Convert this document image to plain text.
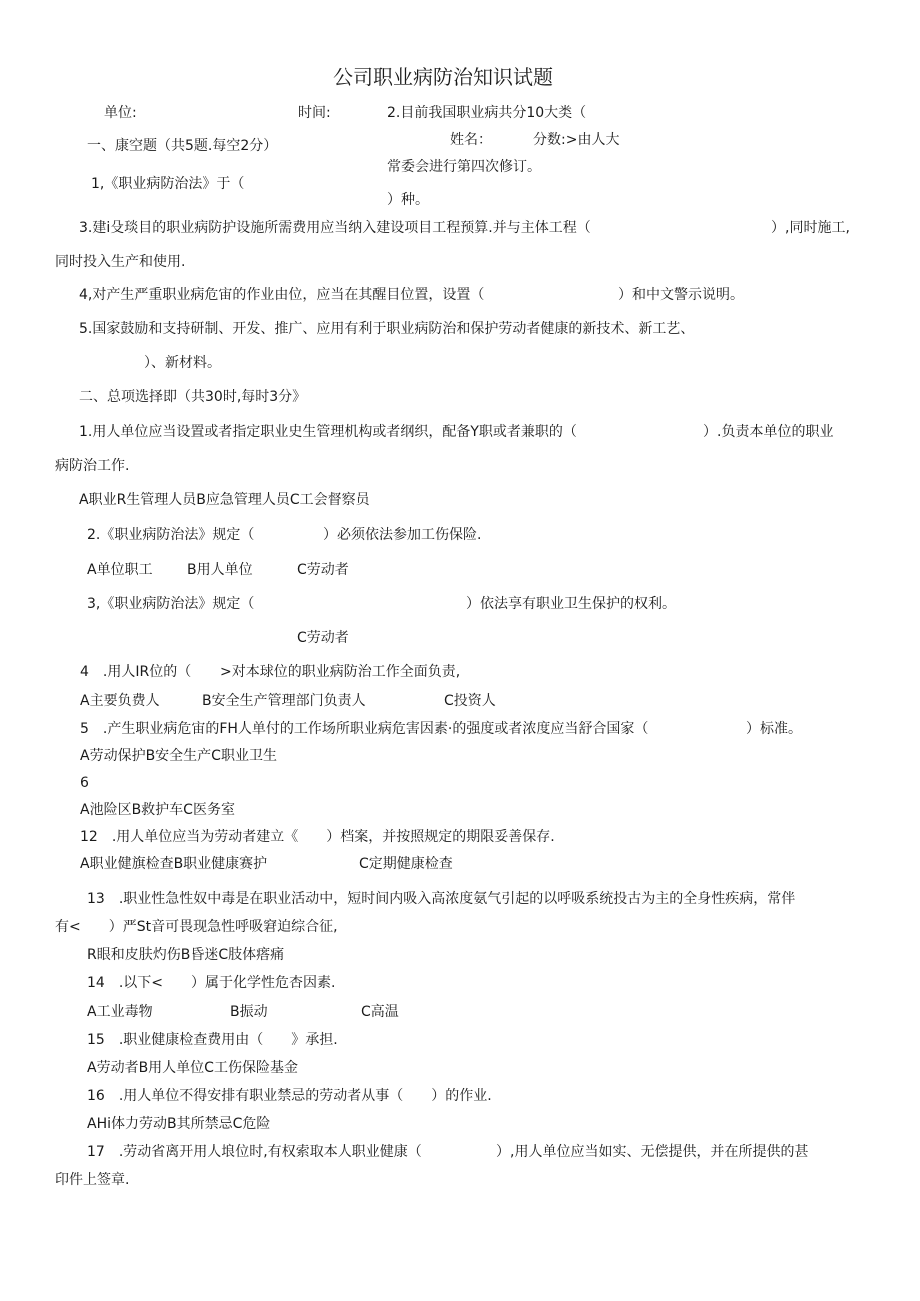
公司职业病防治知识试题
单位:	时间:	2.目前我国职业病共分10大类（
姓名：	分数:>由人大
一、康空题（共5题.每空2分）
常委会进行第四次修订。
1,《职业病防治法》于（
）种。
3.建i殳琰目的职业病防护设施所需费用应当纳入建设项目工程预算.并与主体工程（	）,同时施工,
同时投入生产和使用.
4,对产生严重职业病危宙的作业由位，应当在其醒目位置，设置（	）和中文警示说明。
5.国家鼓励和支持研制、开发、推广、应用有利于职业病防治和保护劳动者健康的新技术、新工艺、
）、新材料。
二、总项选择即（共30时,每时3分》
1.用人单位应当设置或者指定职业史生管理机构或者纲织，配备Y职或者兼职的（	）.负责本单位的职业
病防治工作.
A职业R生管理人员B应急管理人员C工会督察员
2.《职业病防治法》规定（	）必须依法参加工伤保险.
A单位职工 B用人单位	C劳动者
3,《职业病防治法》规定（	）依法享有职业卫生保护的权利。
C劳动者
4　.用人IR位的（ >对本球位的职业病防治工作全面负责,
A主要负费人	B安全生产管理部门负责人	C投资人
5　.产生职业病危宙的FH人单付的工作场所职业病危害因素·的强度或者浓度应当舒合国家（	）标准。
A劳动保护B安全生产C职业卫生
6
A池险区B救护车C医务室
12　.用人单位应当为劳动者建立《　　）档案，并按照规定的期限妥善保存.
A职业健旗检查B职业健康赛护	C定期健康检查
13　.职业性急性奴中毒是在职业活动中，短时间内吸入高浓度氨气引起的以呼吸系统投古为主的全身性疾病，常伴
有<　　）严St音可畏现急性呼吸窘迫综合征,
R眼和皮肤灼伤B昏迷C肢体瘩痛
14　.以下<　　）属于化学性危杏因素.
A工业毒物	B振动	C高温
15　.职业健康检查费用由（　　》承担.
A劳动者B用人单位C工伤保险基金
16　.用人单位不得安排有职业禁忌的劳动者从事（　　）的作业.
AHi体力劳动B其所禁忌C危险
17　.劳动省离开用人埌位时,有权索取本人职业健康（	）,用人单位应当如实、无偿提供，并在所提供的甚
印件上签章.
